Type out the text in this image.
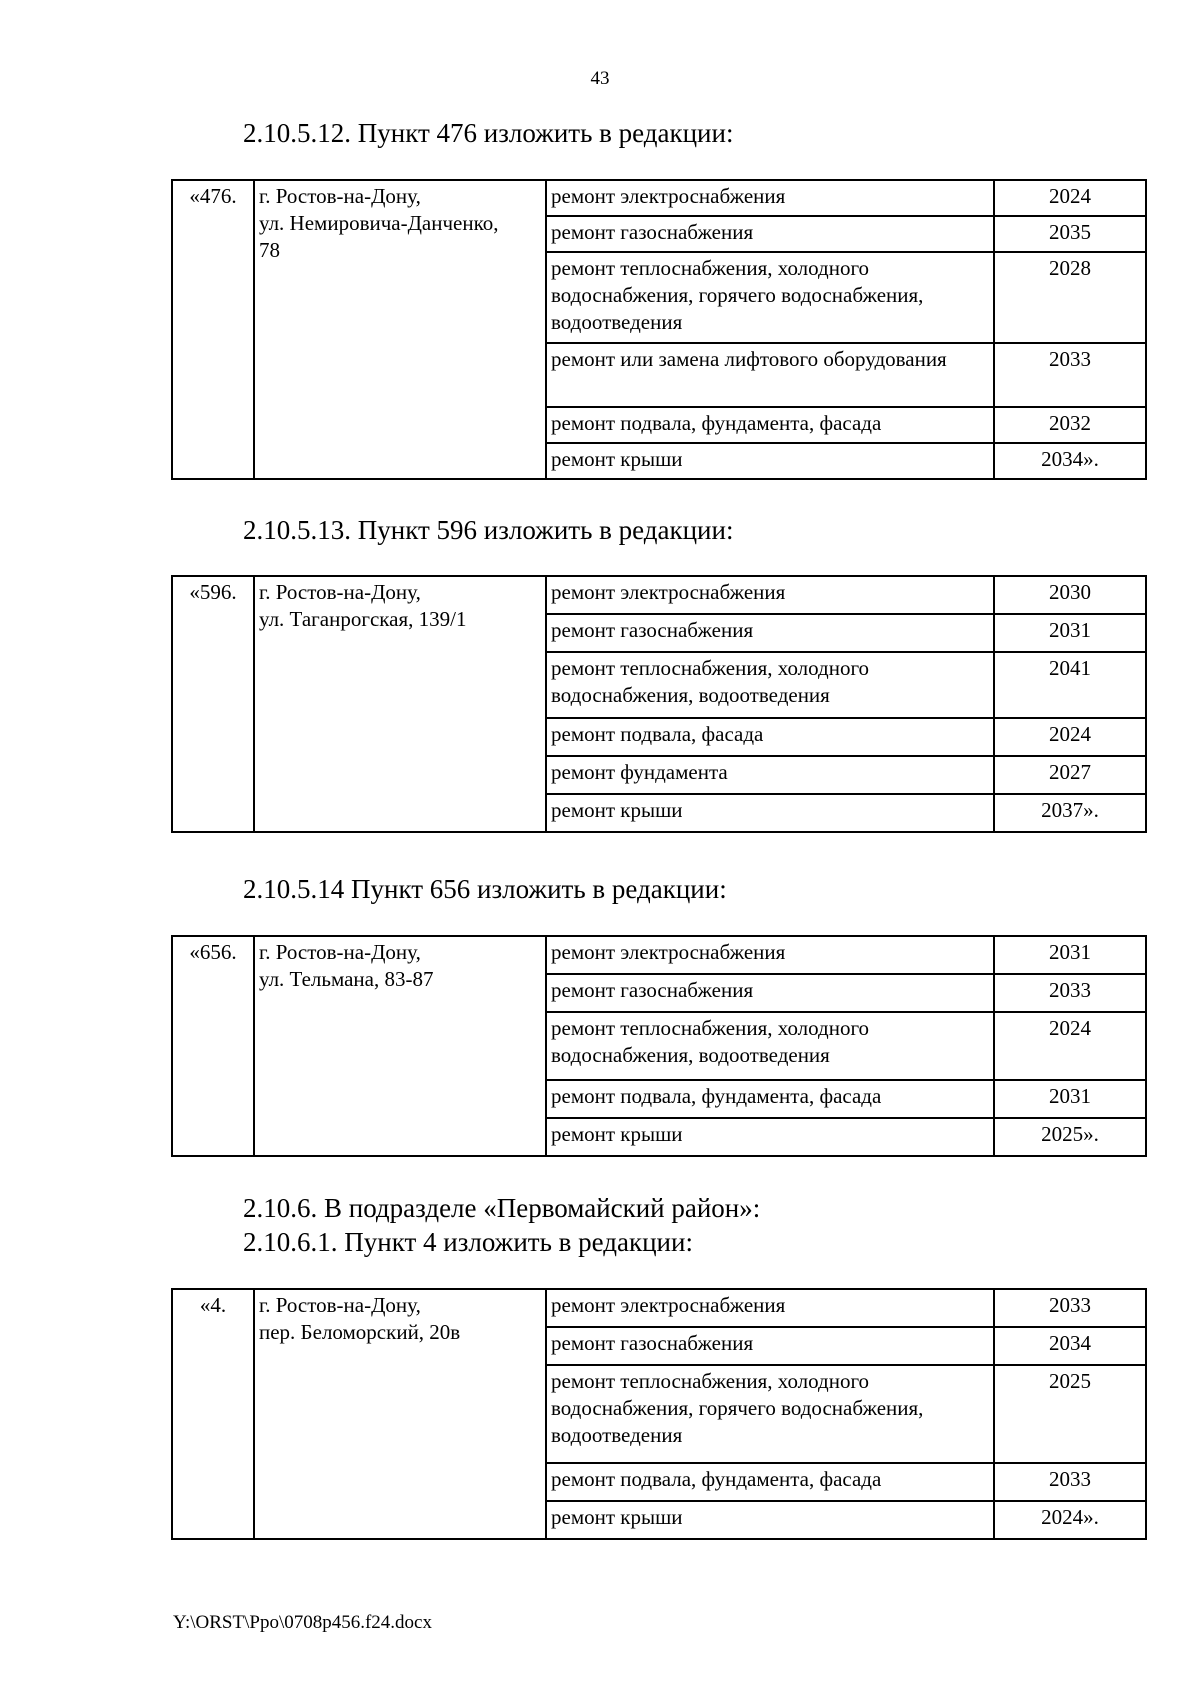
43
2.10.5.12. Пункт 476 изложить в редакции:
«476.	г. Ростов-на-Дону,
ул. Немировича-Данченко,
78	ремонт электроснабжения	2024
		ремонт газоснабжения	2035
		ремонт теплоснабжения, холодного водоснабжения, горячего водоснабжения, водоотведения	2028
		ремонт или замена лифтового оборудования	2033
		ремонт подвала, фундамента, фасада	2032
		ремонт крыши	2034».
2.10.5.13. Пункт 596 изложить в редакции:
«596.	г. Ростов-на-Дону,
ул. Таганрогская, 139/1	ремонт электроснабжения	2030
		ремонт газоснабжения	2031
		ремонт теплоснабжения, холодного водоснабжения, водоотведения	2041
		ремонт подвала, фасада	2024
		ремонт фундамента	2027
		ремонт крыши	2037».
2.10.5.14 Пункт 656 изложить в редакции:
«656.	г. Ростов-на-Дону,
ул. Тельмана, 83-87	ремонт электроснабжения	2031
		ремонт газоснабжения	2033
		ремонт теплоснабжения, холодного водоснабжения, водоотведения	2024
		ремонт подвала, фундамента, фасада	2031
		ремонт крыши	2025».
2.10.6. В подразделе «Первомайский район»:
2.10.6.1. Пункт 4 изложить в редакции:
«4.	г. Ростов-на-Дону,
пер. Беломорский, 20в	ремонт электроснабжения	2033
		ремонт газоснабжения	2034
		ремонт теплоснабжения, холодного водоснабжения, горячего водоснабжения, водоотведения	2025
		ремонт подвала, фундамента, фасада	2033
		ремонт крыши	2024».
Y:\ORST\Ppo\0708p456.f24.docx
